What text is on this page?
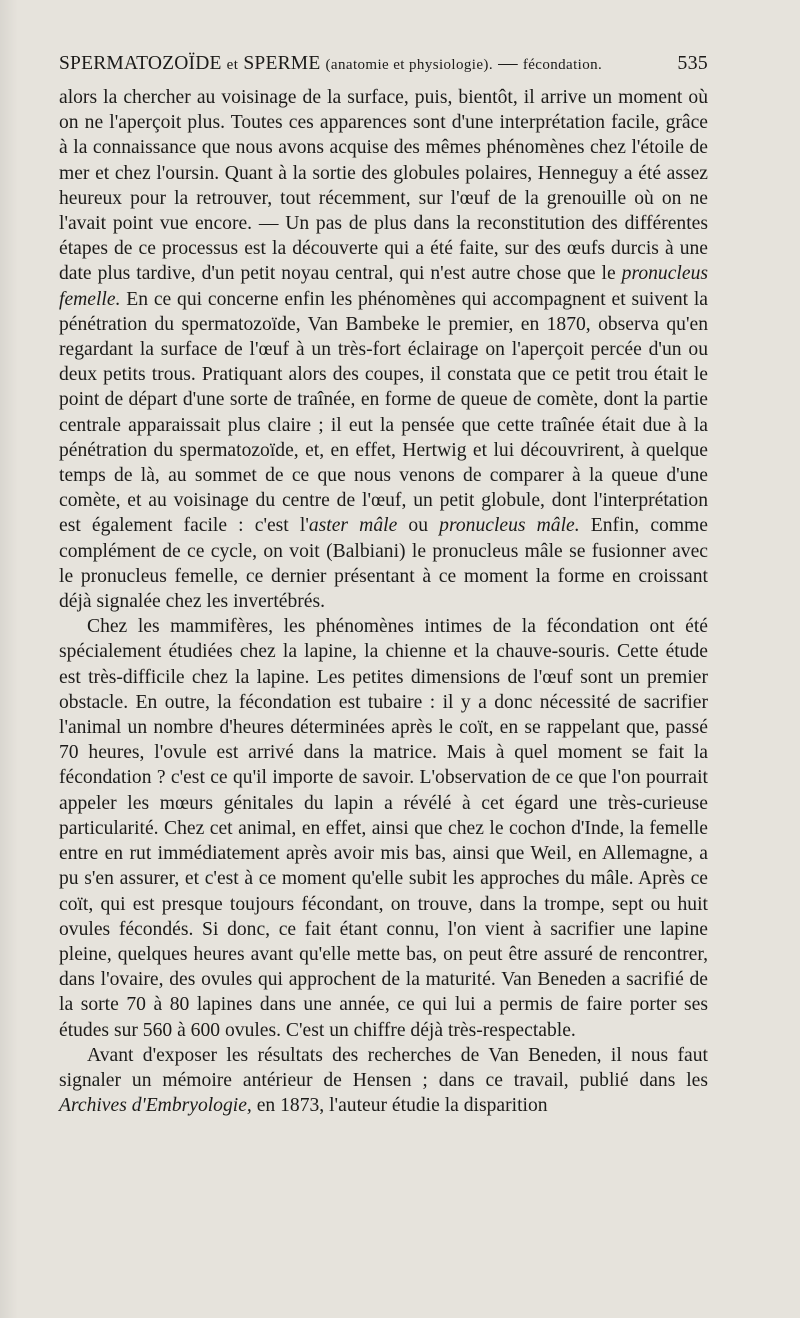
SPERMATOZOÏDE et SPERME (anatomie et physiologie). — fécondation.	535

alors la chercher au voisinage de la surface, puis, bientôt, il arrive un moment où on ne l'aperçoit plus. Toutes ces apparences sont d'une interprétation facile, grâce à la connaissance que nous avons acquise des mêmes phénomènes chez l'étoile de mer et chez l'oursin. Quant à la sortie des globules polaires, Henneguy a été assez heureux pour la retrouver, tout récemment, sur l'œuf de la grenouille où on ne l'avait point vue encore. — Un pas de plus dans la reconstitution des différentes étapes de ce processus est la découverte qui a été faite, sur des œufs durcis à une date plus tardive, d'un petit noyau central, qui n'est autre chose que le pronucleus femelle. En ce qui concerne enfin les phénomènes qui accompagnent et suivent la pénétration du spermatozoïde, Van Bambeke le premier, en 1870, observa qu'en regardant la surface de l'œuf à un très-fort éclairage on l'aperçoit percée d'un ou deux petits trous. Pratiquant alors des coupes, il constata que ce petit trou était le point de départ d'une sorte de traînée, en forme de queue de comète, dont la partie centrale apparaissait plus claire ; il eut la pensée que cette traînée était due à la pénétration du spermatozoïde, et, en effet, Hertwig et lui découvrirent, à quelque temps de là, au sommet de ce que nous venons de comparer à la queue d'une comète, et au voisinage du centre de l'œuf, un petit globule, dont l'interprétation est également facile : c'est l'aster mâle ou pronucleus mâle. Enfin, comme complément de ce cycle, on voit (Balbiani) le pronucleus mâle se fusionner avec le pronucleus femelle, ce dernier présentant à ce moment la forme en croissant déjà signalée chez les invertébrés.

Chez les mammifères, les phénomènes intimes de la fécondation ont été spécialement étudiées chez la lapine, la chienne et la chauve-souris. Cette étude est très-difficile chez la lapine. Les petites dimensions de l'œuf sont un premier obstacle. En outre, la fécondation est tubaire : il y a donc nécessité de sacrifier l'animal un nombre d'heures déterminées après le coït, en se rappelant que, passé 70 heures, l'ovule est arrivé dans la matrice. Mais à quel moment se fait la fécondation ? c'est ce qu'il importe de savoir. L'observation de ce que l'on pourrait appeler les mœurs génitales du lapin a révélé à cet égard une très-curieuse particularité. Chez cet animal, en effet, ainsi que chez le cochon d'Inde, la femelle entre en rut immédiatement après avoir mis bas, ainsi que Weil, en Allemagne, a pu s'en assurer, et c'est à ce moment qu'elle subit les approches du mâle. Après ce coït, qui est presque toujours fécondant, on trouve, dans la trompe, sept ou huit ovules fécondés. Si donc, ce fait étant connu, l'on vient à sacrifier une lapine pleine, quelques heures avant qu'elle mette bas, on peut être assuré de rencontrer, dans l'ovaire, des ovules qui approchent de la maturité. Van Beneden a sacrifié de la sorte 70 à 80 lapines dans une année, ce qui lui a permis de faire porter ses études sur 560 à 600 ovules. C'est un chiffre déjà très-respectable.

Avant d'exposer les résultats des recherches de Van Beneden, il nous faut signaler un mémoire antérieur de Hensen ; dans ce travail, publié dans les Archives d'Embryologie, en 1873, l'auteur étudie la disparition
